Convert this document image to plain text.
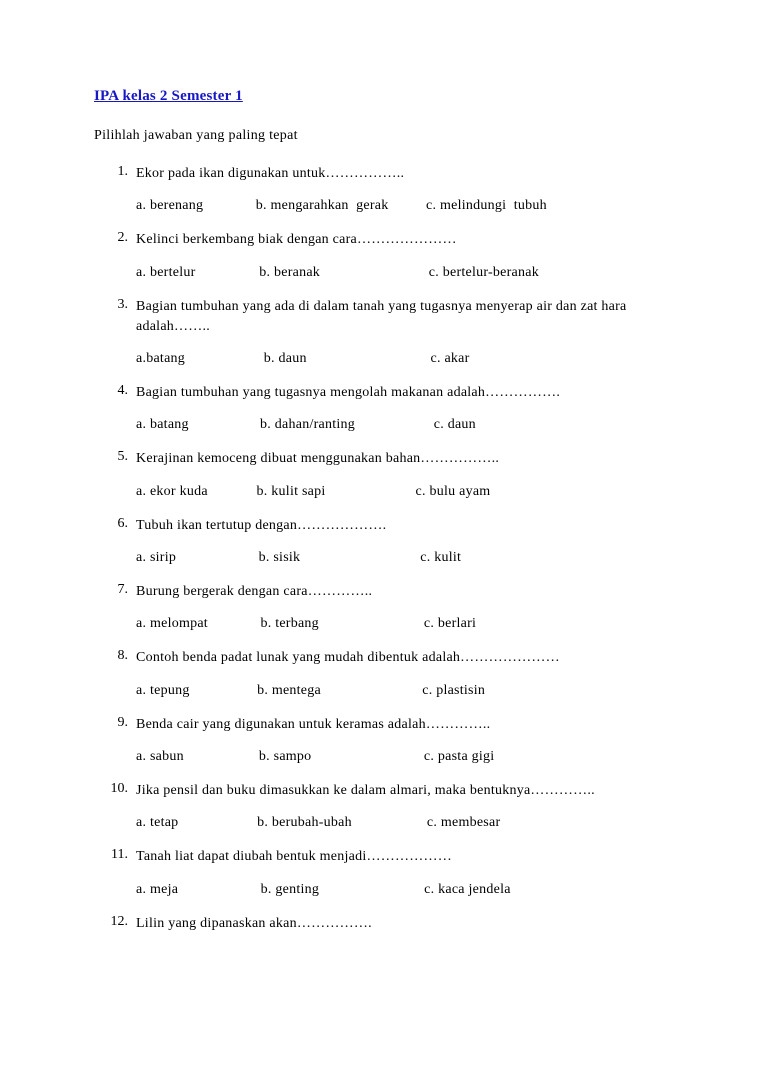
IPA kelas 2 Semester 1
Pilihlah jawaban yang paling tepat
1. Ekor pada ikan digunakan untuk……………..
a. berenang              b. mengarahkan  gerak          c. melindungi  tubuh
2. Kelinci berkembang biak dengan cara…………………
a. bertelur                 b. beranak                             c. bertelur-beranak
3. Bagian tumbuhan yang ada di dalam tanah yang tugasnya menyerap air dan zat hara adalah……..
a.batang                     b. daun                                 c. akar
4. Bagian tumbuhan yang tugasnya mengolah makanan adalah…………….
a. batang                   b. dahan/ranting                     c. daun
5. Kerajinan kemoceng dibuat menggunakan bahan……………..
a. ekor kuda             b. kulit sapi                        c. bulu ayam
6. Tubuh ikan tertutup dengan……………….
a. sirip                      b. sisik                                c. kulit
7. Burung bergerak dengan cara…………..
a. melompat              b. terbang                            c. berlari
8. Contoh benda padat lunak yang mudah dibentuk adalah…………………
a. tepung                  b. mentega                           c. plastisin
9. Benda cair yang digunakan untuk keramas adalah…………..
a. sabun                    b. sampo                              c. pasta gigi
10. Jika pensil dan buku dimasukkan ke dalam almari, maka bentuknya…………..
a. tetap                     b. berubah-ubah                    c. membesar
11. Tanah liat dapat diubah bentuk menjadi………………
a. meja                      b. genting                            c. kaca jendela
12. Lilin yang dipanaskan akan…………….
